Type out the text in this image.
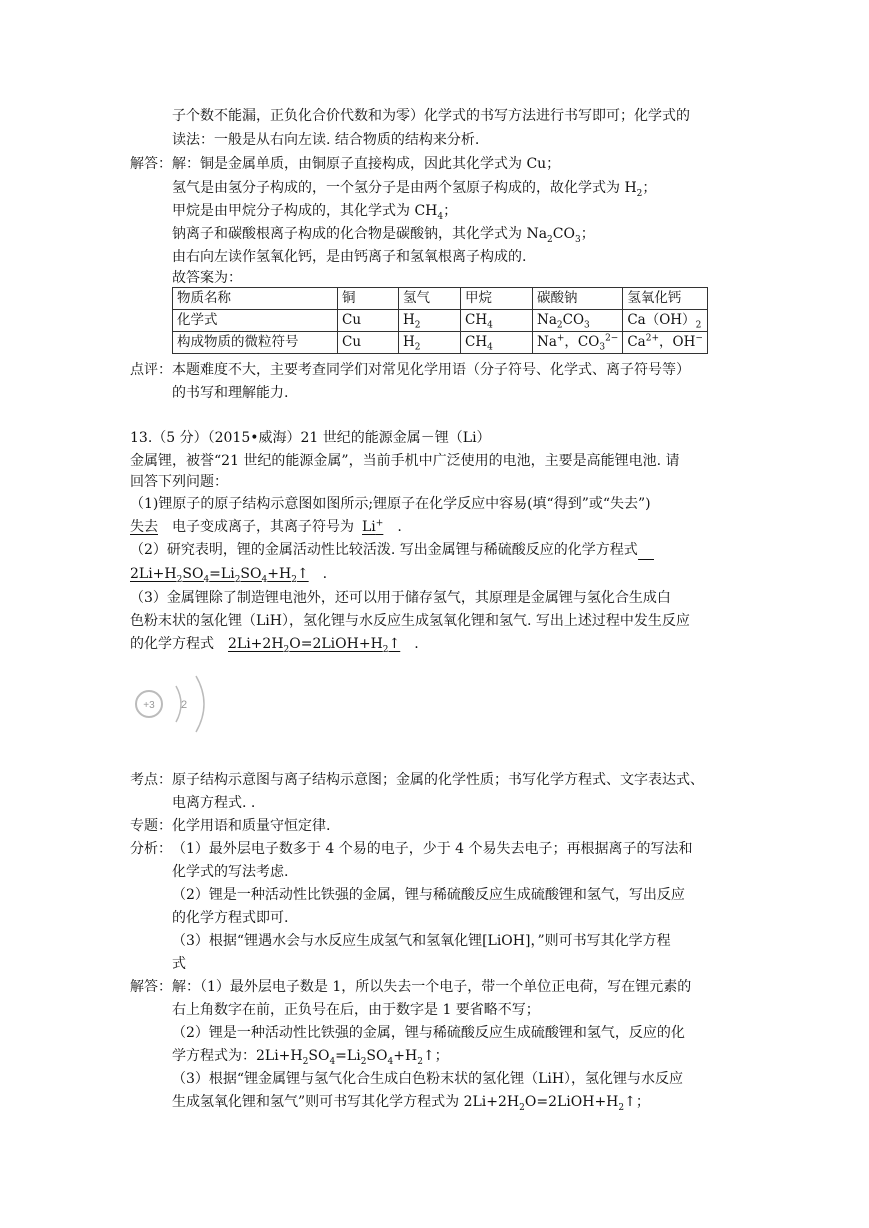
子个数不能漏，正负化合价代数和为零）化学式的书写方法进行书写即可；化学式的
读法：一般是从右向左读. 结合物质的结构来分析.
解答： 解：铜是金属单质，由铜原子直接构成，因此其化学式为 Cu；
氢气是由氢分子构成的，一个氢分子是由两个氢原子构成的，故化学式为 $H_2$；
甲烷是由甲烷分子构成的，其化学式为 $CH_4$；
钠离子和碳酸根离子构成的化合物是碳酸钠，其化学式为 $Na_2CO_3$；
由右向左读作氢氧化钙，是由钙离子和氢氧根离子构成的.
故答案为：
物质名称	铜	氢气	甲烷	碳酸钠	氢氧化钙
化学式	Cu	$H_2$	$CH_4$	$Na_2CO_3$	$Ca(OH)_2$
构成物质的微粒符号	Cu	$H_2$	$CH_4$	Na+，$CO_3^{2-}$	$Ca^{2+}$，OH−
点评： 本题难度不大，主要考查同学们对常见化学用语（分子符号、化学式、离子符号等）
的书写和理解能力.
13.（5 分）（2015•威海）21 世纪的能源金属－锂（Li）
金属锂，被誉“21 世纪的能源金属”，当前手机中广泛使用的电池，主要是高能锂电池. 请
回答下列问题：
（1)锂原子的原子结构示意图如图所示;锂原子在化学反应中容易(填“得到”或“失去”)
失去 电子变成离子，其离子符号为 Li+ .
（2）研究表明，锂的金属活动性比较活泼. 写出金属锂与稀硫酸反应的化学方程式
$2Li+H_2SO_4=Li_2SO_4+H_2↑$ .
（3）金属锂除了制造锂电池外，还可以用于储存氢气，其原理是金属锂与氢化合生成白
色粉末状的氢化锂（LiH），氢化锂与水反应生成氢氧化锂和氢气. 写出上述过程中发生反应
的化学方程式 $2Li+2H_2O=2LiOH+H_2↑$ .
+3 2
考点： 原子结构示意图与离子结构示意图；金属的化学性质；书写化学方程式、文字表达式、
电离方程式. .
专题： 化学用语和质量守恒定律.
分析： （1）最外层电子数多于 4 个易的电子，少于 4 个易失去电子；再根据离子的写法和
化学式的写法考虑.
（2）锂是一种活动性比铁强的金属，锂与稀硫酸反应生成硫酸锂和氢气，写出反应
的化学方程式即可.
（3）根据“锂遇水会与水反应生成氢气和氢氧化锂[LiOH]，”则可书写其化学方程
式
解答： 解：（1）最外层电子数是 1，所以失去一个电子，带一个单位正电荷，写在锂元素的
右上角数字在前，正负号在后，由于数字是 1 要省略不写；
（2）锂是一种活动性比铁强的金属，锂与稀硫酸反应生成硫酸锂和氢气，反应的化
学方程式为：$2Li+H_2SO_4=Li_2SO_4+H_2↑$；
（3）根据“锂金属锂与氢气化合生成白色粉末状的氢化锂（LiH），氢化锂与水反应
生成氢氧化锂和氢气”则可书写其化学方程式为 $2Li+2H_2O=2LiOH+H_2↑$；
